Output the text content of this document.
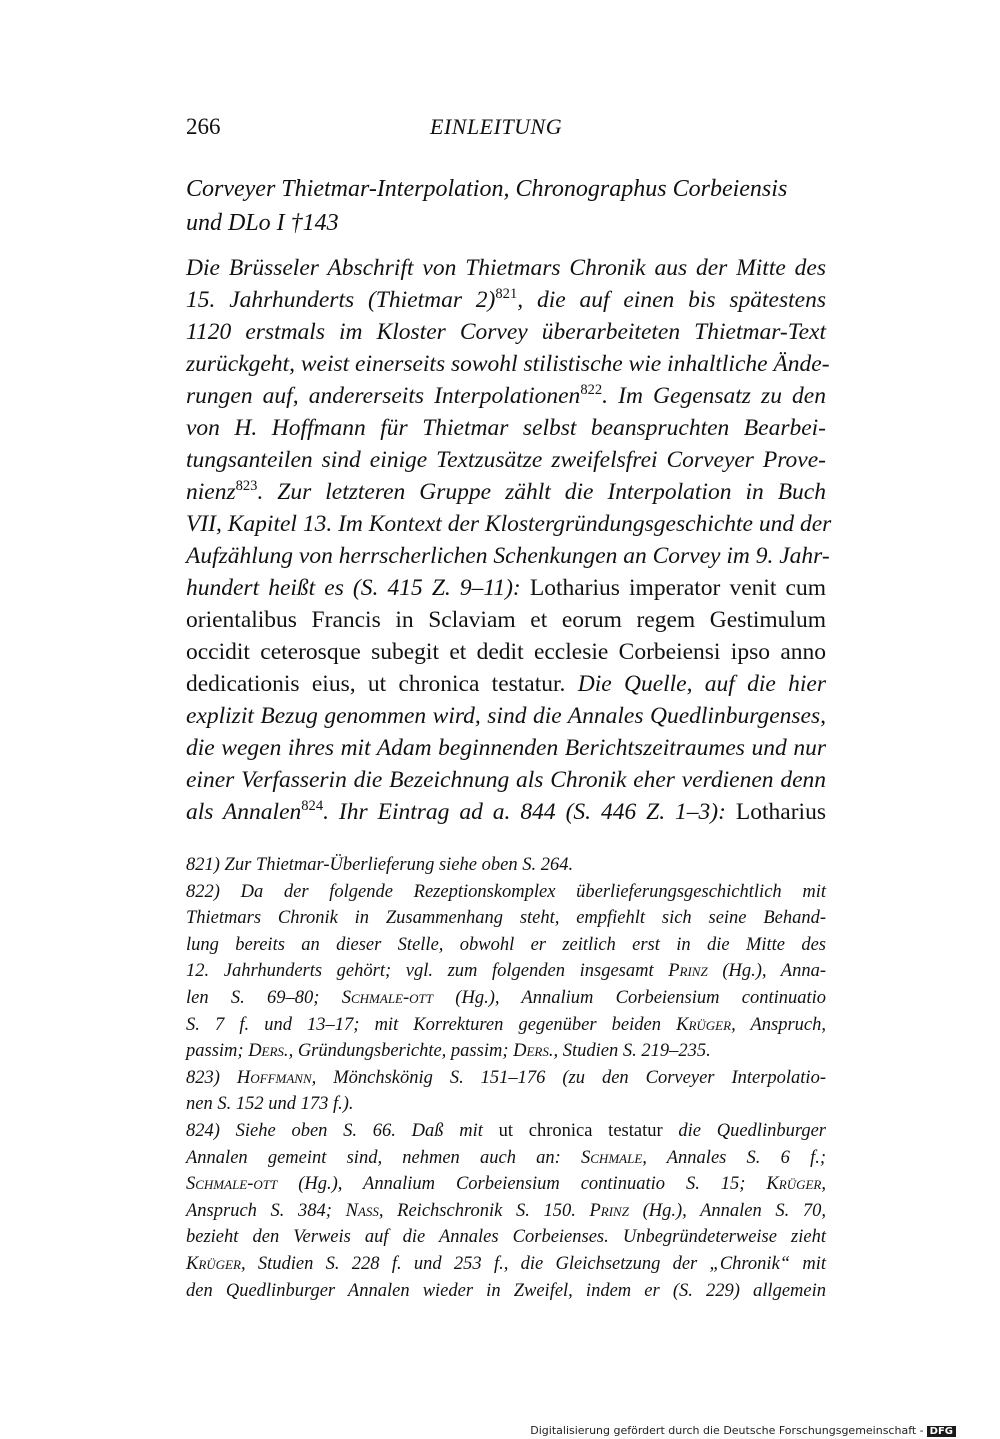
266	EINLEITUNG
Corveyer Thietmar-Interpolation, Chronographus Corbeiensis
und DLo I †143
Die Brüsseler Abschrift von Thietmars Chronik aus der Mitte des
15. Jahrhunderts (Thietmar 2)$^{821}$, die auf einen bis spätestens
1120 erstmals im Kloster Corvey überarbeiteten Thietmar-Text
zurückgeht, weist einerseits sowohl stilistische wie inhaltliche Ände-
rungen auf, andererseits Interpolationen$^{822}$. Im Gegensatz zu den
von H. Hoffmann für Thietmar selbst beanspruchten Bearbei-
tungsanteilen sind einige Textzusätze zweifelsfrei Corveyer Prove-
nienz$^{823}$. Zur letzteren Gruppe zählt die Interpolation in Buch
VII, Kapitel 13. Im Kontext der Klostergründungsgeschichte und der
Aufzählung von herrscherlichen Schenkungen an Corvey im 9. Jahr-
hundert heißt es (S. 415 Z. 9–11): Lotharius imperator venit cum
orientalibus Francis in Sclaviam et eorum regem Gestimulum
occidit ceterosque subegit et dedit ecclesie Corbeiensi ipso anno
dedicationis eius, ut chronica testatur. Die Quelle, auf die hier
explizit Bezug genommen wird, sind die Annales Quedlinburgenses,
die wegen ihres mit Adam beginnenden Berichtszeitraumes und nur
einer Verfasserin die Bezeichnung als Chronik eher verdienen denn
als Annalen$^{824}$. Ihr Eintrag ad a. 844 (S. 446 Z. 1–3): Lotharius
821) Zur Thietmar-Überlieferung siehe oben S. 264.
822) Da der folgende Rezeptionskomplex überlieferungsgeschichtlich mit
Thietmars Chronik in Zusammenhang steht, empfiehlt sich seine Behand-
lung bereits an dieser Stelle, obwohl er zeitlich erst in die Mitte des
12. Jahrhunderts gehört; vgl. zum folgenden insgesamt Prinz (Hg.), Anna-
len S. 69–80; Schmale-ott (Hg.), Annalium Corbeiensium continuatio
S. 7 f. und 13–17; mit Korrekturen gegenüber beiden Krüger, Anspruch,
passim; Ders., Gründungsberichte, passim; Ders., Studien S. 219–235.
823) Hoffmann, Mönchskönig S. 151–176 (zu den Corveyer Interpolatio-
nen S. 152 und 173 f.).
824) Siehe oben S. 66. Daß mit ut chronica testatur die Quedlinburger
Annalen gemeint sind, nehmen auch an: Schmale, Annales S. 6 f.;
Schmale-ott (Hg.), Annalium Corbeiensium continuatio S. 15; Krüger,
Anspruch S. 384; Nass, Reichschronik S. 150. Prinz (Hg.), Annalen S. 70,
bezieht den Verweis auf die Annales Corbeienses. Unbegründeterweise zieht
Krüger, Studien S. 228 f. und 253 f., die Gleichsetzung der „Chronik“ mit
den Quedlinburger Annalen wieder in Zweifel, indem er (S. 229) allgemein
Digitalisierung gefördert durch die Deutsche Forschungsgemeinschaft - DFG
